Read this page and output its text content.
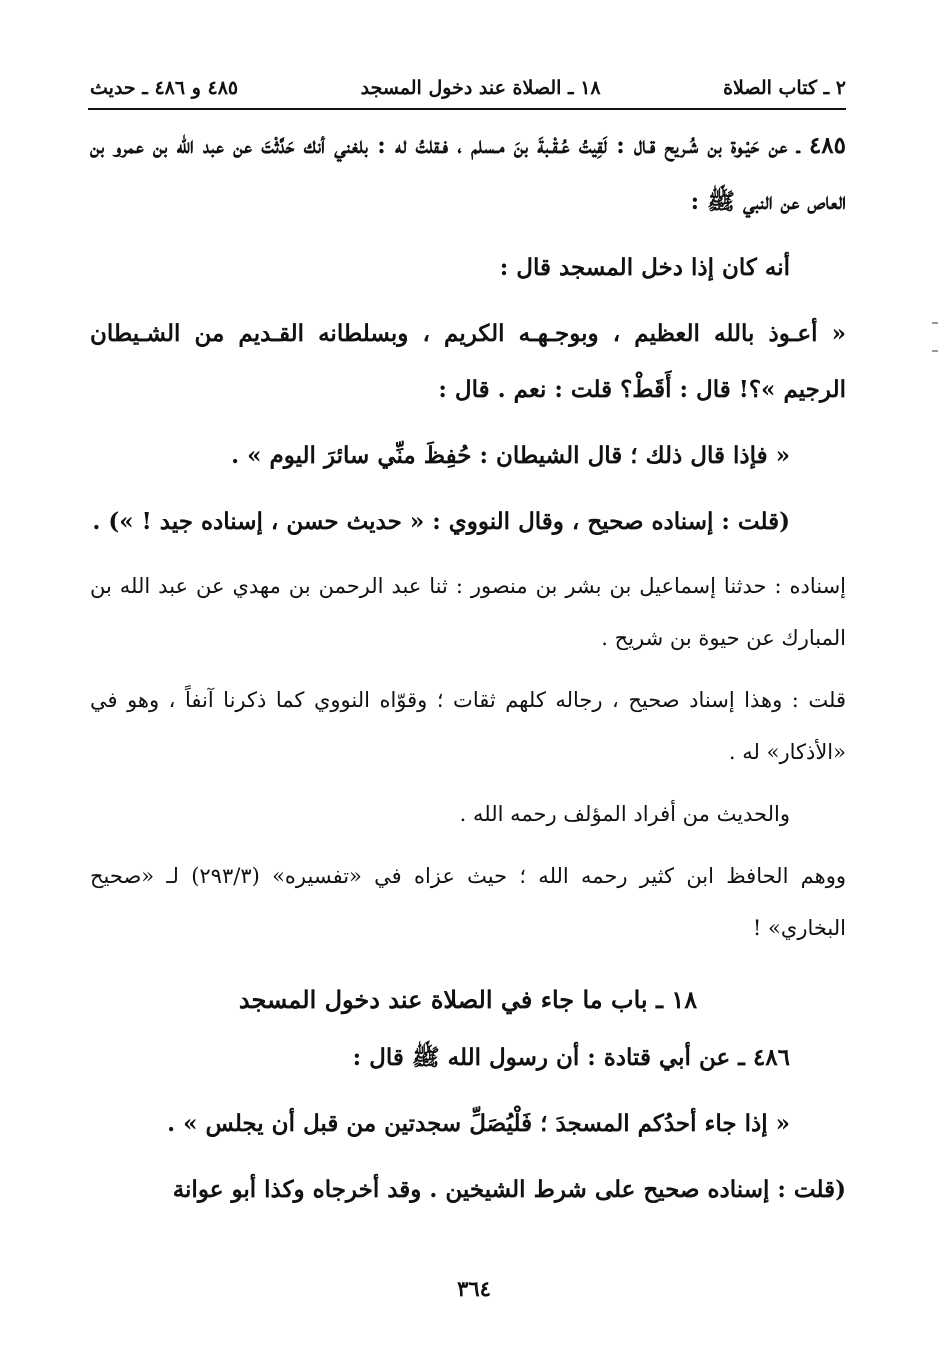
٢ ـ كتاب الصلاة
١٨ ـ الصلاة عند دخول المسجد
٤٨٥ و ٤٨٦ ـ حديث

٤٨٥ ـ عن حَيْـوة بن شُـريح قـال : لَقِيتُ عُـقْـبةَ بنَ مـسلم ، فـقلتُ له : بلغني أنك حَدَّثْتَ عن عبد الله بن عمرو بن العاص عن النبي ﷺ :

أنه كان إذا دخل المسجد قال :

« أعـوذ بالله العظيم ، وبوجـهـه الكريم ، وبسلطانه القـديم من الشـيطان الرجيم »؟! قال : أَقَطْ؟ قلت : نعم . قال :

« فإذا قال ذلك ؛ قال الشيطان : حُفِظَ منِّي سائرَ اليوم » .

(قلت : إسناده صحيح ، وقال النووي : « حديث حسن ، إسناده جيد ! ») .

إسناده : حدثنا إسماعيل بن بشر بن منصور : ثنا عبد الرحمن بن مهدي عن عبد الله بن المبارك عن حيوة بن شريح .

قلت : وهذا إسناد صحيح ، رجاله كلهم ثقات ؛ وقوّاه النووي كما ذكرنا آنفاً ، وهو في «الأذكار» له .

والحديث من أفراد المؤلف رحمه الله .

ووهم الحافظ ابن كثير رحمه الله ؛ حيث عزاه في «تفسيره» (٢٩٣/٣) لـ «صحيح البخاري» !

١٨ ـ باب ما جاء في الصلاة عند دخول المسجد

٤٨٦ ـ عن أبي قتادة : أن رسول الله ﷺ قال :

« إذا جاء أحدُكم المسجدَ ؛ فَلْيُصَلِّ سجدتين من قبل أن يجلس » .

(قلت : إسناده صحيح على شرط الشيخين . وقد أخرجاه وكذا أبو عوانة

٣٦٤
